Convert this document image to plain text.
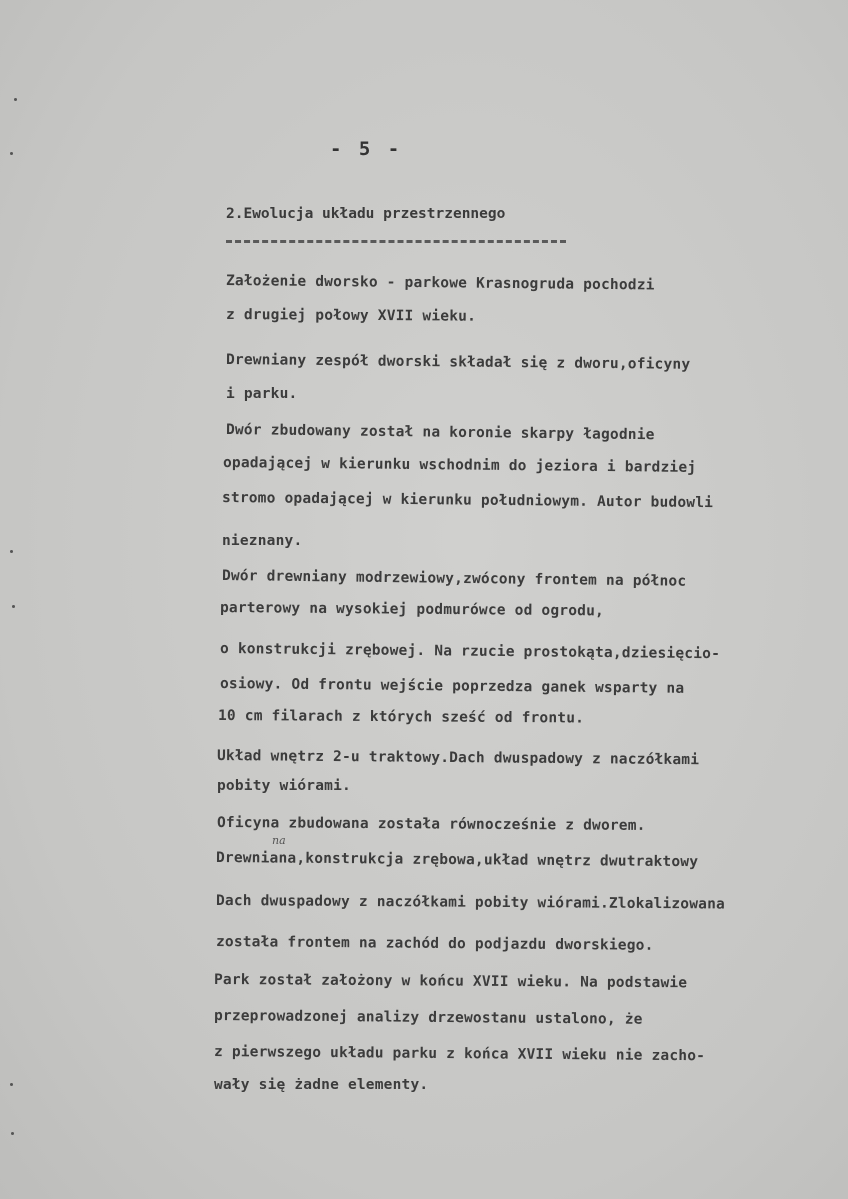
- 5 -
2.Ewolucja układu przestrzennego
Założenie dworsko - parkowe Krasnogruda pochodzi
z drugiej połowy XVII wieku.
Drewniany zespół dworski składał się z dworu,oficyny
i parku.
Dwór zbudowany został na koronie skarpy łagodnie
opadającej w kierunku wschodnim do jeziora i bardziej
stromo opadającej w kierunku południowym. Autor budowli
nieznany.
Dwór drewniany modrzewiowy,zwócony frontem na północ
parterowy na wysokiej podmurówce od ogrodu,
o konstrukcji zrębowej. Na rzucie prostokąta,dziesięcio-
osiowy. Od frontu wejście poprzedza ganek wsparty na
10 cm filarach z których sześć od frontu.
Układ wnętrz 2-u traktowy.Dach dwuspadowy z naczółkami
pobity wiórami.
Oficyna zbudowana została równocześnie z dworem.
na
Drewniana,konstrukcja zrębowa,układ wnętrz dwutraktowy
Dach dwuspadowy z naczółkami pobity wiórami.Zlokalizowana
została frontem na zachód do podjazdu dworskiego.
Park został założony w końcu XVII wieku. Na podstawie
przeprowadzonej analizy drzewostanu ustalono, że
z pierwszego układu parku z końca XVII wieku nie zacho-
wały się żadne elementy.
